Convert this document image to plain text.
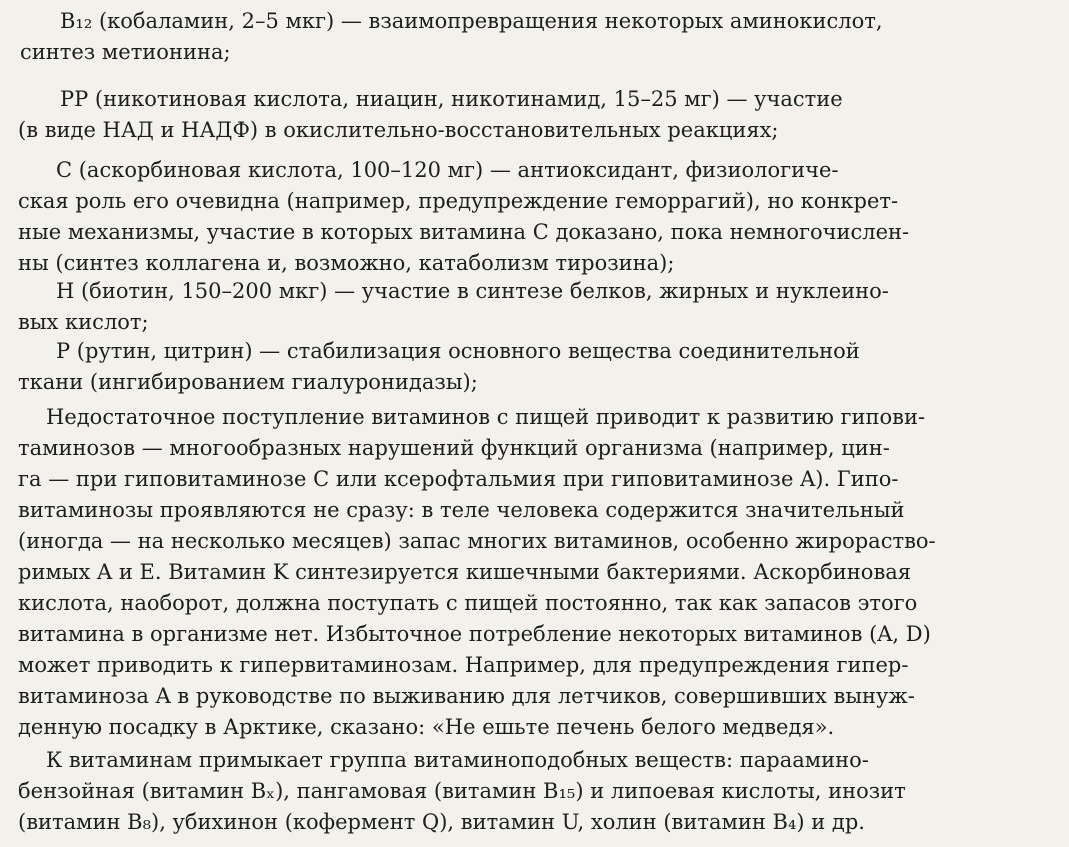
B₁₂ (кобаламин, 2–5 мкг) — взаимопревращения некоторых аминокислот,
синтез метионина;
PP (никотиновая кислота, ниацин, никотинамид, 15–25 мг) — участие
(в виде НАД и НАДФ) в окислительно-восстановительных реакциях;
C (аскорбиновая кислота, 100–120 мг) — антиоксидант, физиологиче-
ская роль его очевидна (например, предупреждение геморрагий), но конкрет-
ные механизмы, участие в которых витамина C доказано, пока немногочислен-
ны (синтез коллагена и, возможно, катаболизм тирозина);
H (биотин, 150–200 мкг) — участие в синтезе белков, жирных и нуклеино-
вых кислот;
P (рутин, цитрин) — стабилизация основного вещества соединительной
ткани (ингибированием гиалуронидазы);
Недостаточное поступление витаминов с пищей приводит к развитию гипови-
таминозов — многообразных нарушений функций организма (например, цин-
га — при гиповитаминозе C или ксерофтальмия при гиповитаминозе A). Гипо-
витаминозы проявляются не сразу: в теле человека содержится значительный
(иногда — на несколько месяцев) запас многих витаминов, особенно жирораство-
римых A и E. Витамин K синтезируется кишечными бактериями. Аскорбиновая
кислота, наоборот, должна поступать с пищей постоянно, так как запасов этого
витамина в организме нет. Избыточное потребление некоторых витаминов (A, D)
может приводить к гипервитаминозам. Например, для предупреждения гипер-
витаминоза A в руководстве по выживанию для летчиков, совершивших вынуж-
денную посадку в Арктике, сказано: «Не ешьте печень белого медведя».
К витаминам примыкает группа витаминоподобных веществ: парааминo-
бензойная (витамин Bₓ), пангамовая (витамин B₁₅) и липоевая кислоты, инозит
(витамин B₈), убихинон (кофермент Q), витамин U, холин (витамин B₄) и др.
